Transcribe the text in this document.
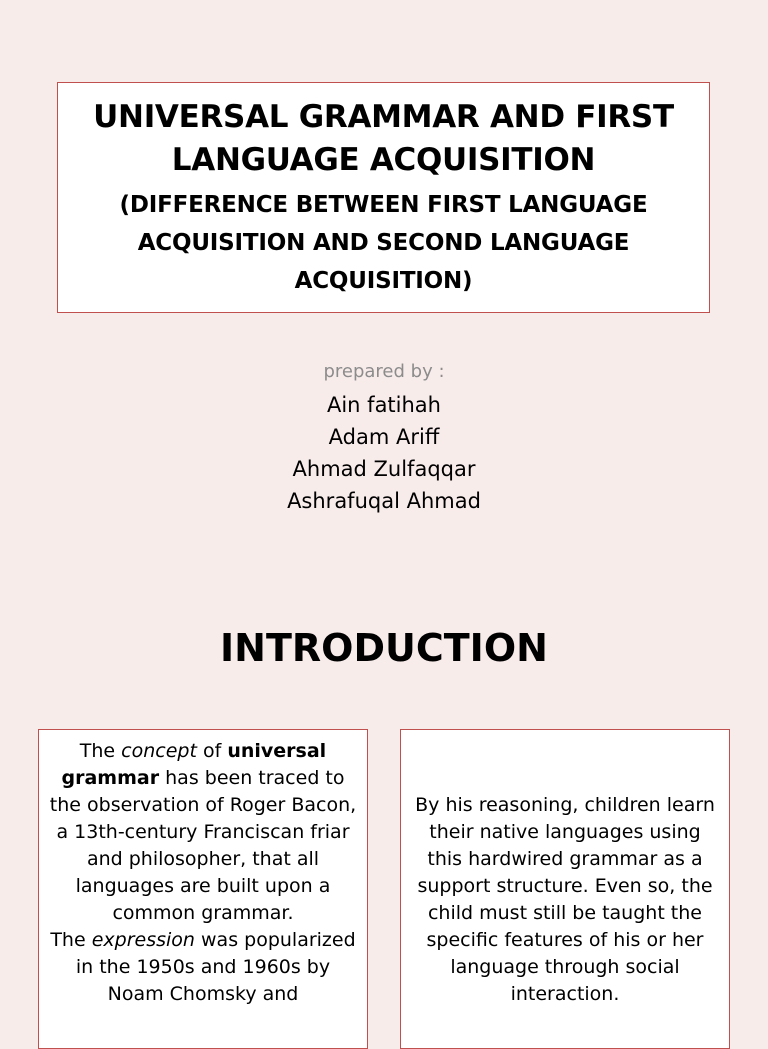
UNIVERSAL GRAMMAR AND FIRST
LANGUAGE ACQUISITION
(DIFFERENCE BETWEEN FIRST LANGUAGE
ACQUISITION AND SECOND LANGUAGE
ACQUISITION)
prepared by :
Ain fatihah
Adam Ariff
Ahmad Zulfaqqar
Ashrafuqal Ahmad
INTRODUCTION
The concept of universal grammar has been traced to the observation of Roger Bacon, a 13th-century Franciscan friar and philosopher, that all languages are built upon a common grammar.
The expression was popularized in the 1950s and 1960s by Noam Chomsky and
By his reasoning, children learn their native languages using this hardwired grammar as a support structure. Even so, the child must still be taught the specific features of his or her language through social interaction.
